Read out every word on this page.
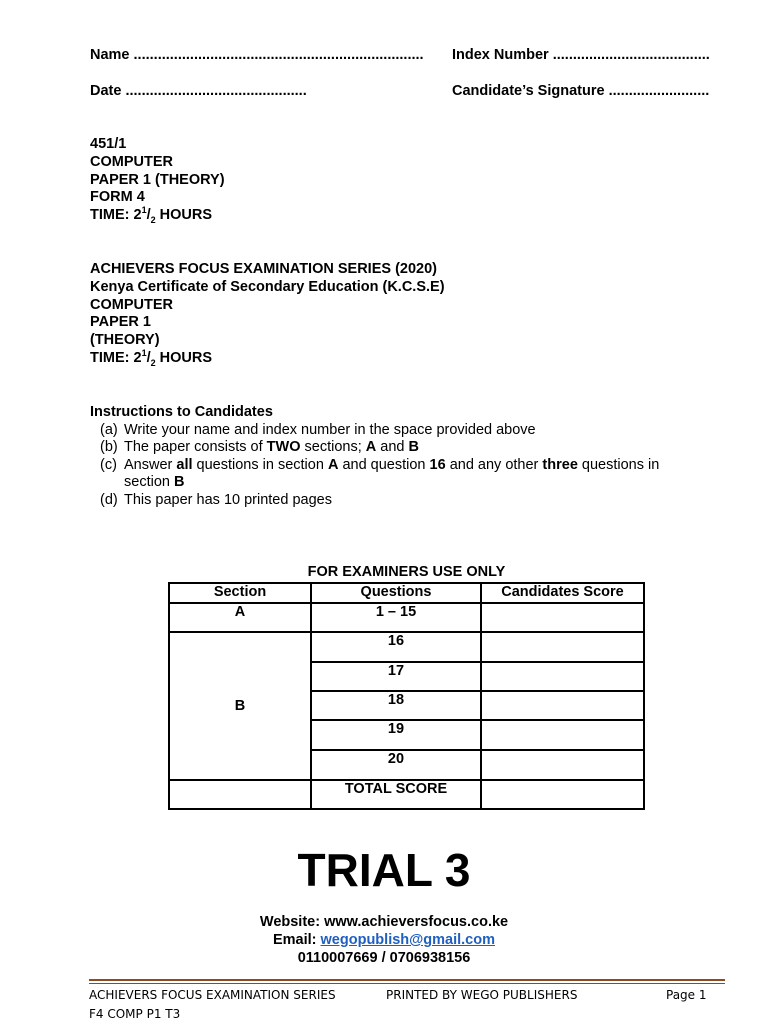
Name ........................................................................ Index Number .......................................
Date .............................................	Candidate’s Signature .........................
451/1
COMPUTER
PAPER 1 (THEORY)
FORM 4
TIME: $2^1/_2$ HOURS
ACHIEVERS FOCUS EXAMINATION SERIES (2020)
Kenya Certificate of Secondary Education (K.C.S.E)
COMPUTER
PAPER 1
(THEORY)
TIME: $2^1/_2$ HOURS
Instructions to Candidates
(a) Write your name and index number in the space provided above
(b) The paper consists of TWO sections; A and B
(c) Answer all questions in section A and question 16 and any other three questions in
section B
(d) This paper has 10 printed pages
FOR EXAMINERS USE ONLY
Section	Questions	Candidates Score
A	1 – 15	
B	16	
	17	
	18	
	19	
	20	
	TOTAL SCORE	
TRIAL 3
Website: www.achieversfocus.co.ke
Email: wegopublish@gmail.com
0110007669 / 0706938156
ACHIEVERS FOCUS EXAMINATION SERIES	PRINTED BY WEGO PUBLISHERS	Page 1
F4 COMP P1 T3
